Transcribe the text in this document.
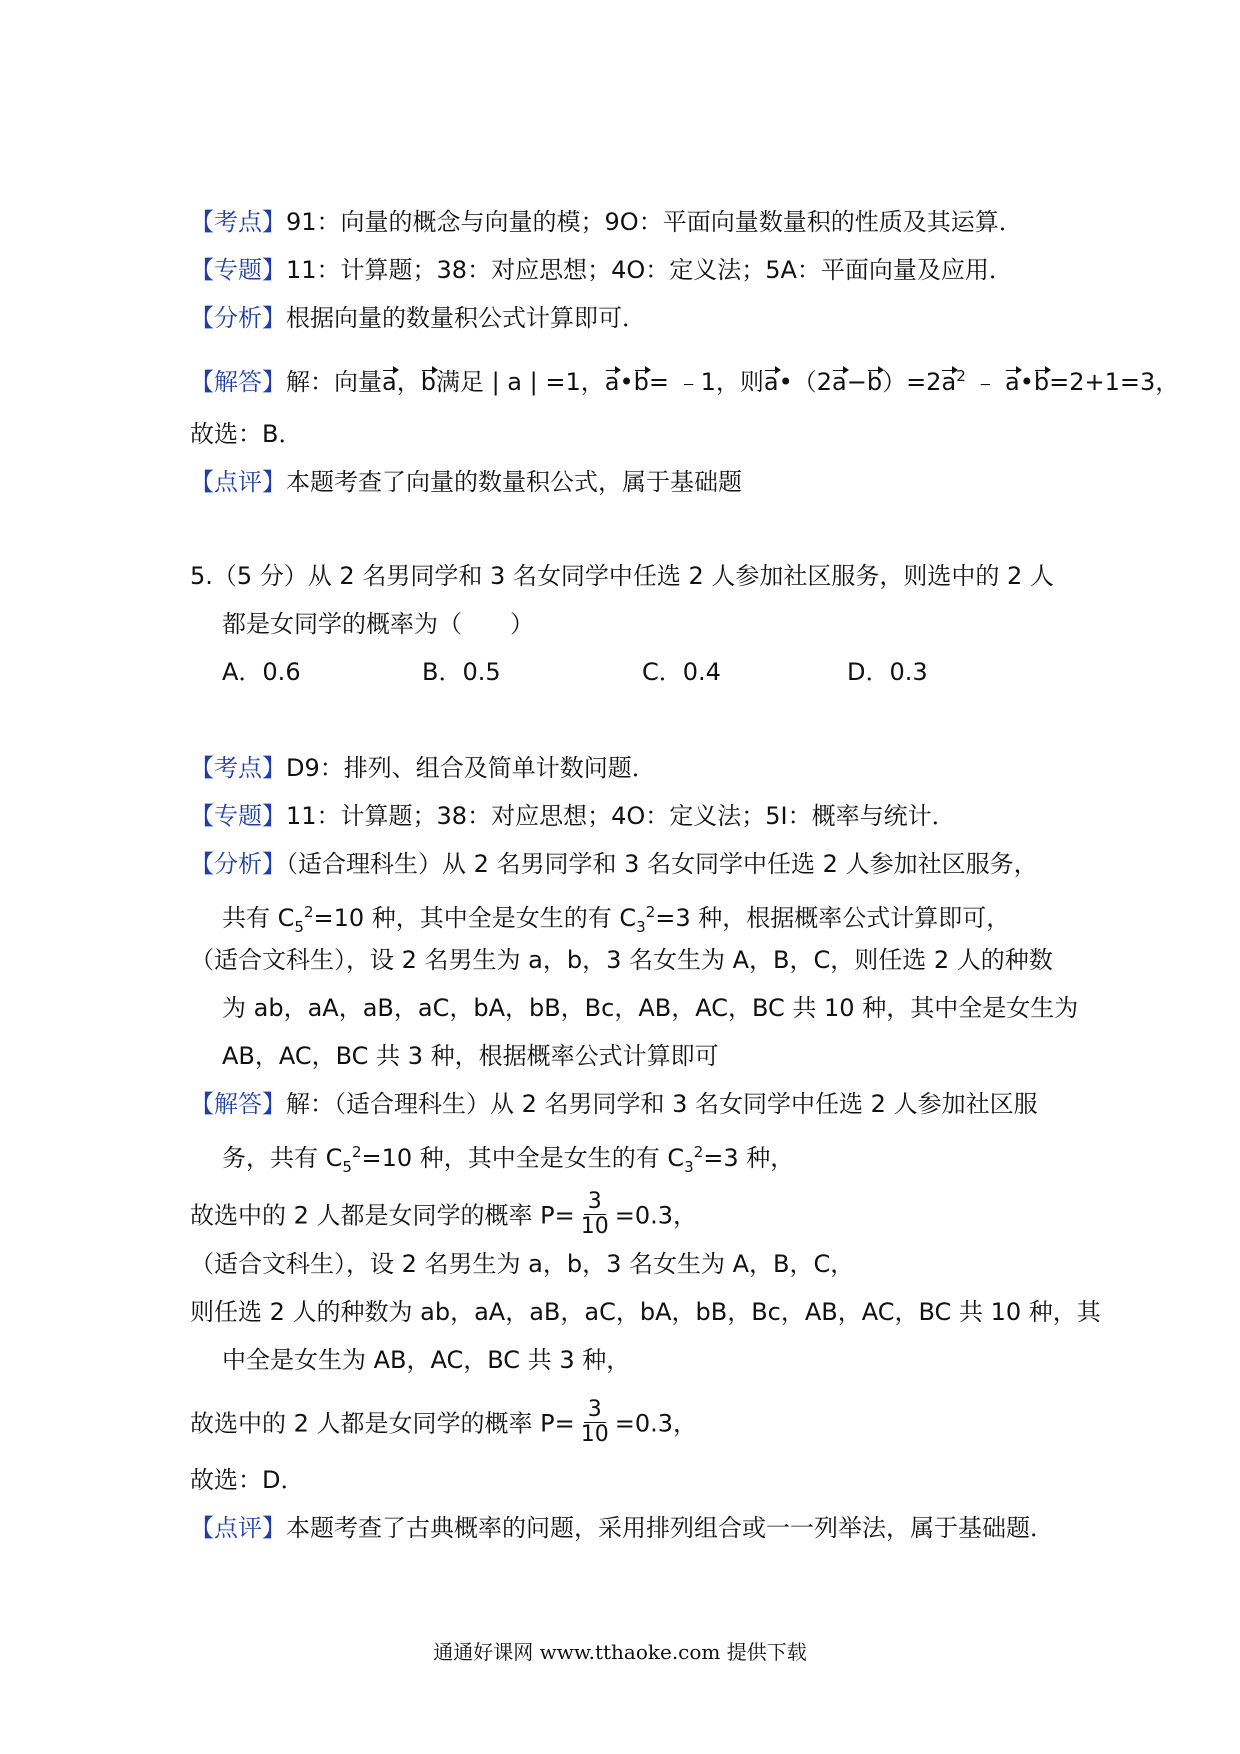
【考点】91：向量的概念与向量的模；9O：平面向量数量积的性质及其运算．
【专题】11：计算题；38：对应思想；4O：定义法；5A：平面向量及应用．
【分析】根据向量的数量积公式计算即可．
【解答】解：向量a，b满足 | a | =1，a•b= ﹣1，则$a•(2a-b)=2a^2$ ﹣ a•b=2+1=3，
故选：B．
【点评】本题考查了向量的数量积公式，属于基础题
5.（5 分）从 2 名男同学和 3 名女同学中任选 2 人参加社区服务，则选中的 2 人
都是女同学的概率为（　　）
A．0.6	B．0.5	C．0.4	D．0.3
【考点】D9：排列、组合及简单计数问题．
【专题】11：计算题；38：对应思想；4O：定义法；5I：概率与统计．
【分析】（适合理科生）从 2 名男同学和 3 名女同学中任选 2 人参加社区服务，
共有 $C_5^2=10$ 种，其中全是女生的有 $C_3^2=3$ 种，根据概率公式计算即可，
（适合文科生），设 2 名男生为 a，b，3 名女生为 A，B，C，则任选 2 人的种数
为 ab，aA，aB，aC，bA，bB，Bc，AB，AC，BC 共 10 种，其中全是女生为
AB，AC，BC 共 3 种，根据概率公式计算即可
【解答】解：（适合理科生）从 2 名男同学和 3 名女同学中任选 2 人参加社区服
务，共有 $C_5^2=10$ 种，其中全是女生的有 $C_3^2=3$ 种，
故选中的 2 人都是女同学的概率 $P= \frac{3}{10} =0.3$，
（适合文科生），设 2 名男生为 a，b，3 名女生为 A，B，C，
则任选 2 人的种数为 ab，aA，aB，aC，bA，bB，Bc，AB，AC，BC 共 10 种，其
中全是女生为 AB，AC，BC 共 3 种，
故选中的 2 人都是女同学的概率 $P= \frac{3}{10} =0.3$，
故选：D．
【点评】本题考查了古典概率的问题，采用排列组合或一一列举法，属于基础题．
通通好课网 www.tthaoke.com 提供下载
